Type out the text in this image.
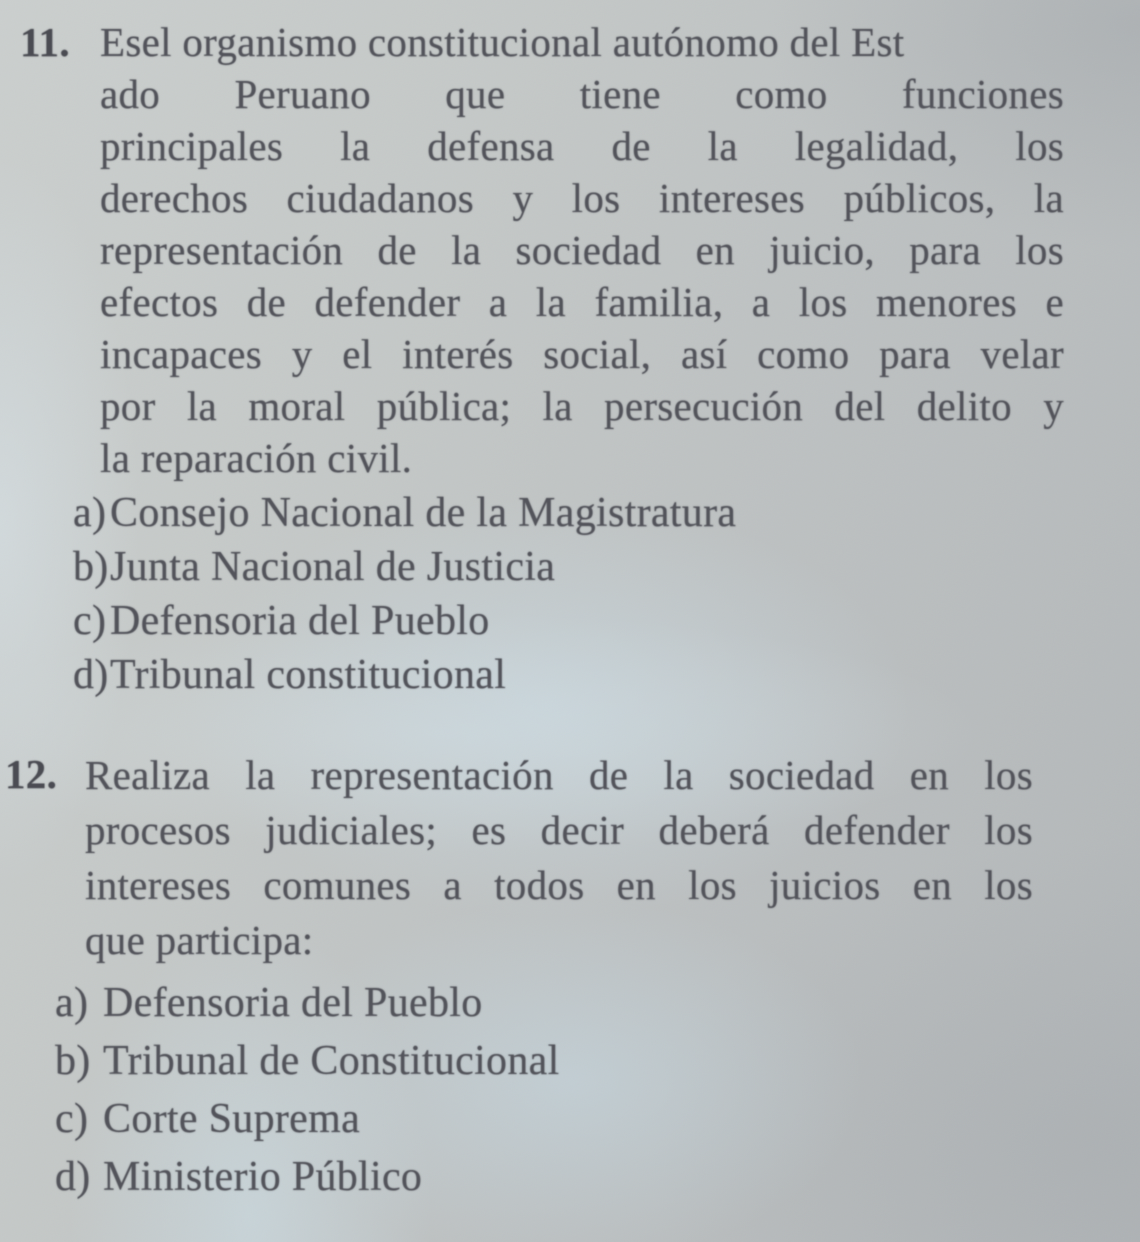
11. Esel organismo constitucional autónomo del Est
ado Peruano que tiene como funciones
principales la defensa de la legalidad, los
derechos ciudadanos y los intereses públicos, la
representación de la sociedad en juicio, para los
efectos de defender a la familia, a los menores e
incapaces y el interés social, así como para velar
por la moral pública; la persecución del delito y
la reparación civil.
a) Consejo Nacional de la Magistratura
b) Junta Nacional de Justicia
c) Defensoria del Pueblo
d) Tribunal constitucional
12. Realiza la representación de la sociedad en los
procesos judiciales; es decir deberá defender los
intereses comunes a todos en los juicios en los
que participa:
a) Defensoria del Pueblo
b) Tribunal de Constitucional
c) Corte Suprema
d) Ministerio Público
